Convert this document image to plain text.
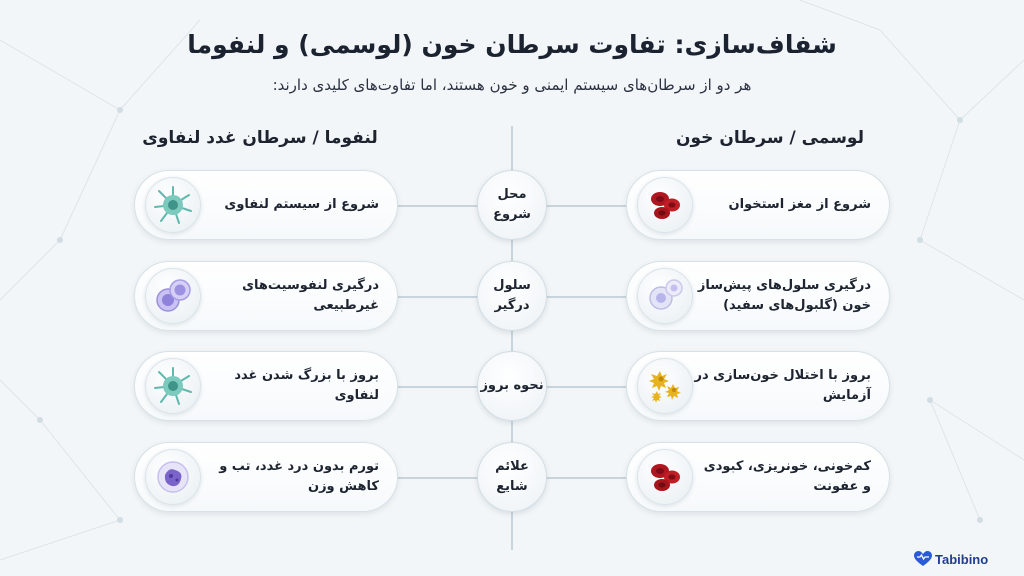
شفاف‌سازی: تفاوت سرطان خون (لوسمی) و لنفوما
هر دو از سرطان‌های سیستم ایمنی و خون هستند، اما تفاوت‌های کلیدی دارند:
لوسمی / سرطان خون
لنفوما / سرطان غدد لنفاوی
شروع از مغز استخوان
محل شروع
شروع از سیستم لنفاوی
درگیری سلول‌های پیش‌ساز خون (گلبول‌های سفید)
سلول درگیر
درگیری لنفوسیت‌های غیرطبیعی
بروز با اختلال خون‌سازی در آزمایش
نحوه بروز
بروز با بزرگ شدن غدد لنفاوی
کم‌خونی، خونریزی، کبودی و عفونت
علائم شایع
تورم بدون درد غدد، تب و کاهش وزن
Tabibino
